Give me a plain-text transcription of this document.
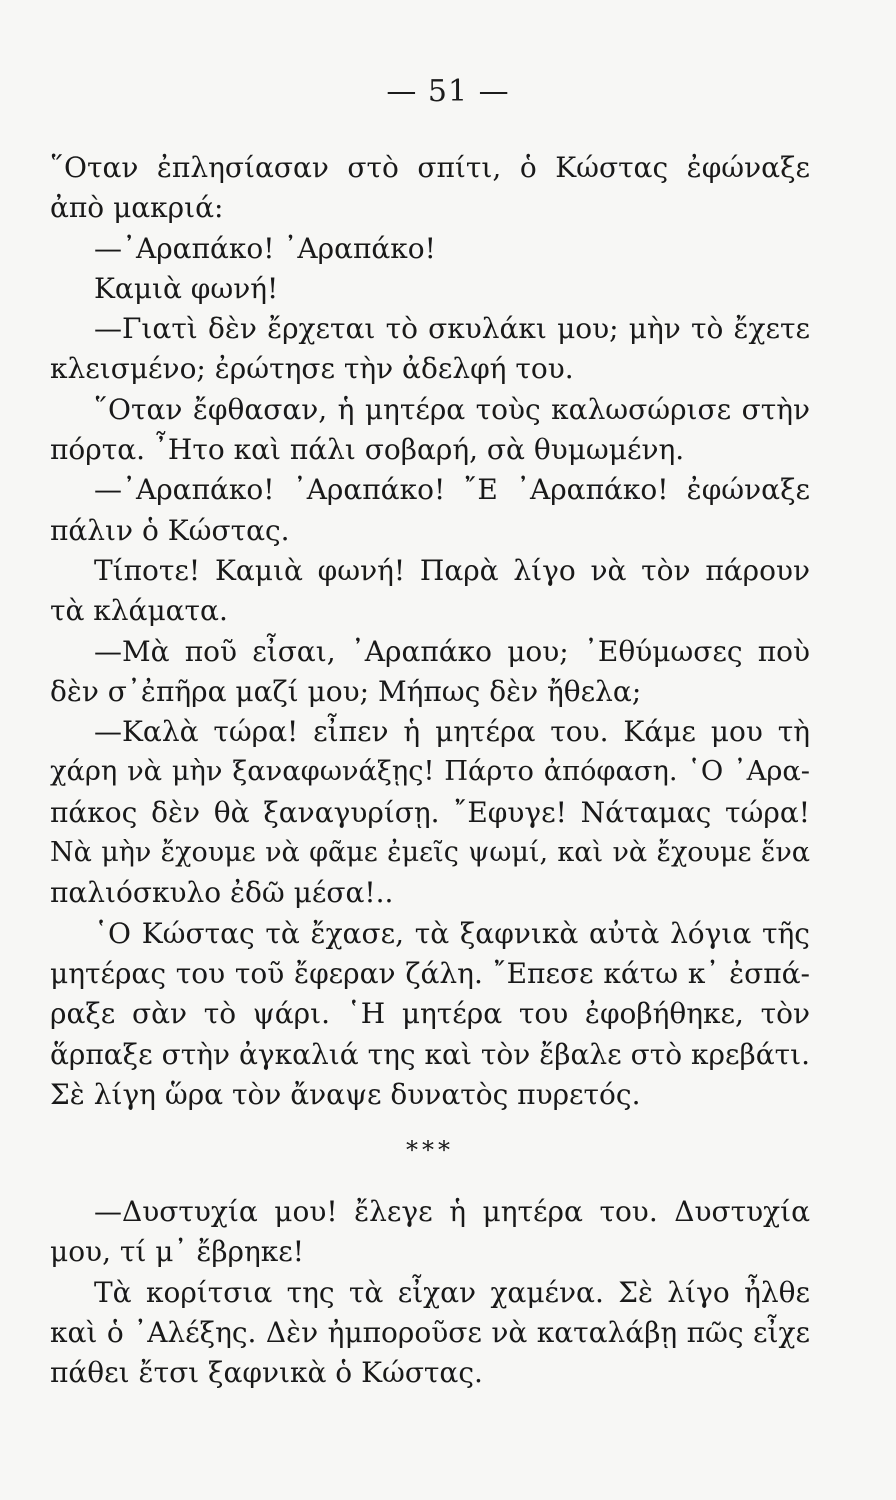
— 51 —
῞Οταν ἐπλησίασαν στὸ σπίτι, ὁ Κώστας ἐφώναξε
ἀπὸ μακριά:
—᾽Αραπάκο! ᾽Αραπάκο!
Καμιὰ φωνή!
—Γιατὶ δὲν ἔρχεται τὸ σκυλάκι μου; μὴν τὸ ἔχετε
κλεισμένο; ἐρώτησε τὴν ἀδελφή του.
῞Οταν ἔφθασαν, ἡ μητέρα τοὺς καλωσώρισε στὴν
πόρτα. ῏Ητο καὶ πάλι σοβαρή, σὰ θυμωμένη.
—᾽Αραπάκο! ᾽Αραπάκο! ῎Ε ᾽Αραπάκο! ἐφώναξε
πάλιν ὁ Κώστας.
Τίποτε! Καμιὰ φωνή! Παρὰ λίγο νὰ τὸν πάρουν
τὰ κλάματα.
—Μὰ ποῦ εἶσαι, ᾽Αραπάκο μου; ᾽Εθύμωσες ποὺ
δὲν σ᾽ἐπῆρα μαζί μου; Μήπως δὲν ἤθελα;
—Καλὰ τώρα! εἶπεν ἡ μητέρα του. Κάμε μου τὴ
χάρη νὰ μὴν ξαναφωνάξῃς! Πάρτο ἀπόφαση. ῾Ο ᾽Αρα-
πάκος δὲν θὰ ξαναγυρίσῃ. ῎Εφυγε! Νάταμας τώρα!
Νὰ μὴν ἔχουμε νὰ φᾶμε ἐμεῖς ψωμί, καὶ νὰ ἔχουμε ἕνα
παλιόσκυλο ἐδῶ μέσα!..
῾Ο Κώστας τὰ ἔχασε, τὰ ξαφνικὰ αὐτὰ λόγια τῆς
μητέρας του τοῦ ἔφεραν ζάλη. ῎Επεσε κάτω κ᾽ ἐσπά-
ραξε σὰν τὸ ψάρι. ῾Η μητέρα του ἐφοβήθηκε, τὸν
ἅρπαξε στὴν ἀγκαλιά της καὶ τὸν ἔβαλε στὸ κρεβάτι.
Σὲ λίγη ὥρα τὸν ἄναψε δυνατὸς πυρετός.
***
—Δυστυχία μου! ἔλεγε ἡ μητέρα του. Δυστυχία
μου, τί μ᾽ ἔβρηκε!
Τὰ κορίτσια της τὰ εἶχαν χαμένα. Σὲ λίγο ἦλθε
καὶ ὁ ᾽Αλέξης. Δὲν ἠμποροῦσε νὰ καταλάβῃ πῶς εἶχε
πάθει ἔτσι ξαφνικὰ ὁ Κώστας.
